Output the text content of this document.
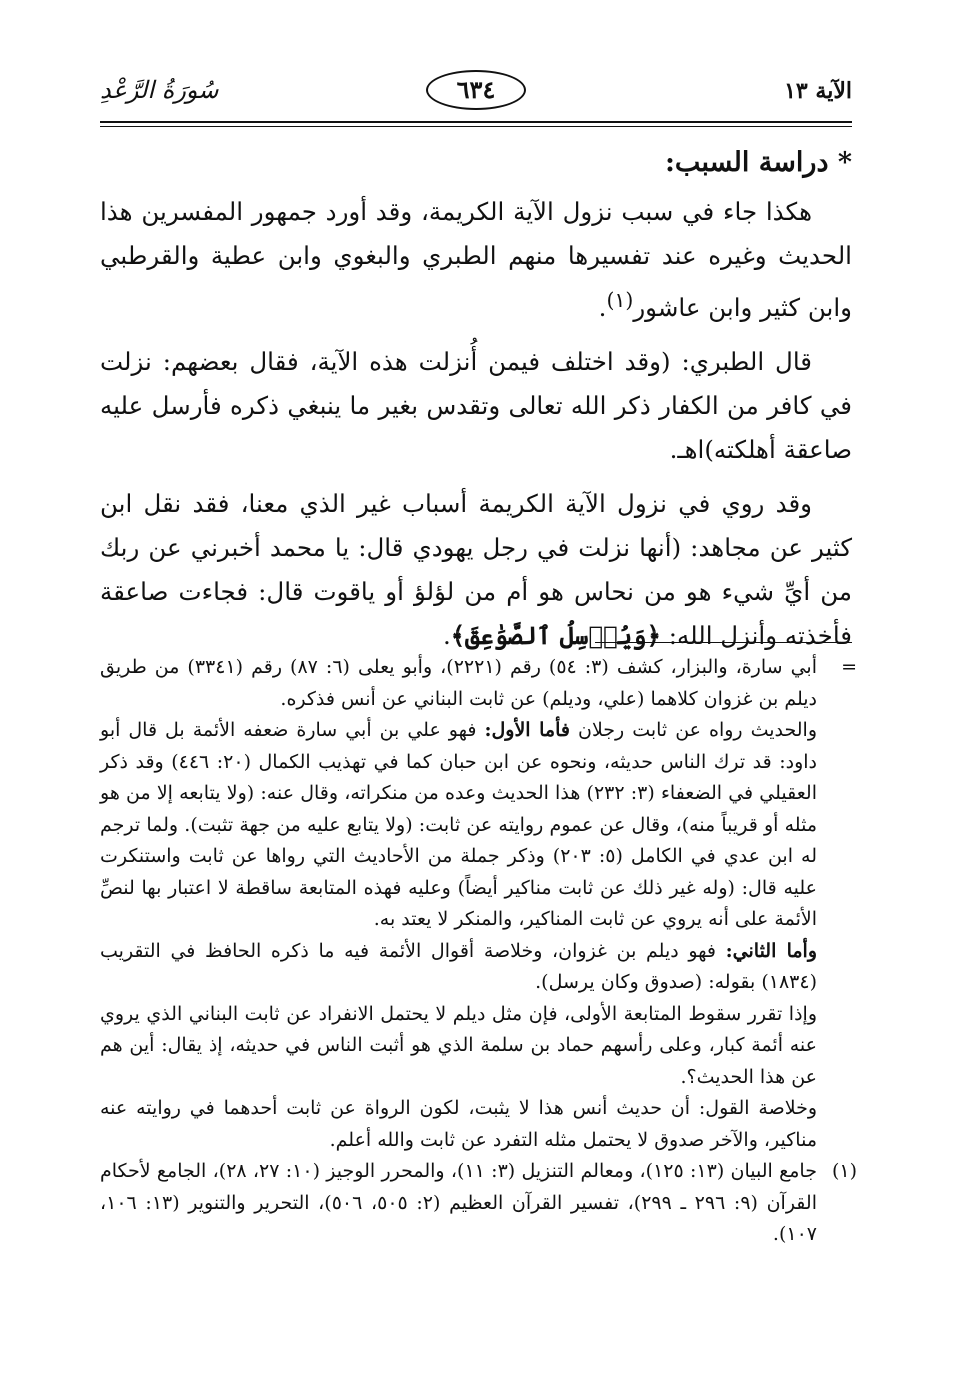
الآية ١٣
٦٣٤
سُورَةُ الرَّعْدِ

* دراسة السبب:

هكذا جاء في سبب نزول الآية الكريمة، وقد أورد جمهور المفسرين هذا الحديث وغيره عند تفسيرها منهم الطبري والبغوي وابن عطية والقرطبي وابن كثير وابن عاشور$^{(١)}$.

قال الطبري: (وقد اختلف فيمن أُنزلت هذه الآية، فقال بعضهم: نزلت في كافر من الكفار ذكر الله تعالى وتقدس بغير ما ينبغي ذكره فأرسل عليه صاعقة أهلكته)اهـ.

وقد روي في نزول الآية الكريمة أسباب غير الذي معنا، فقد نقل ابن كثير عن مجاهد: (أنها نزلت في رجل يهودي قال: يا محمد أخبرني عن ربك من أيِّ شيء هو من نحاس هو أم من لؤلؤ أو ياقوت قال: فجاءت صاعقة فأخذته وأنزل الله: ﴿وَيُرۡسِلُ ٱلصَّوَٰعِقَ﴾.

=

أبي سارة، والبزار، كشف (٣: ٥٤) رقم (٢٢٢١)، وأبو يعلى (٦: ٨٧) رقم (٣٣٤١) من طريق ديلم بن غزوان كلاهما (علي، وديلم) عن ثابت البناني عن أنس فذكره.

والحديث رواه عن ثابت رجلان فأما الأول: فهو علي بن أبي سارة ضعفه الأئمة بل قال أبو داود: قد ترك الناس حديثه، ونحوه عن ابن حبان كما في تهذيب الكمال (٢٠: ٤٤٦) وقد ذكر العقيلي في الضعفاء (٣: ٢٣٢) هذا الحديث وعده من منكراته، وقال عنه: (ولا يتابعه إلا من هو مثله أو قريباً منه)، وقال عن عموم روايته عن ثابت: (ولا يتابع عليه من جهة تثبت). ولما ترجم له ابن عدي في الكامل (٥: ٢٠٣) وذكر جملة من الأحاديث التي رواها عن ثابت واستنكرت عليه قال: (وله غير ذلك عن ثابت مناكير أيضاً) وعليه فهذه المتابعة ساقطة لا اعتبار بها لنصِّ الأئمة على أنه يروي عن ثابت المناكير، والمنكر لا يعتد به.

وأما الثاني: فهو ديلم بن غزوان، وخلاصة أقوال الأئمة فيه ما ذكره الحافظ في التقريب (١٨٣٤) بقوله: (صدوق وكان يرسل).

وإذا تقرر سقوط المتابعة الأولى، فإن مثل ديلم لا يحتمل الانفراد عن ثابت البناني الذي يروي عنه أئمة كبار، وعلى رأسهم حماد بن سلمة الذي هو أثبت الناس في حديثه، إذ يقال: أين هم عن هذا الحديث؟.

وخلاصة القول: أن حديث أنس هذا لا يثبت، لكون الرواة عن ثابت أحدهما في روايته عنه مناكير، والآخر صدوق لا يحتمل مثله التفرد عن ثابت والله أعلم.

(١)

جامع البيان (١٣: ١٢٥)، ومعالم التنزيل (٣: ١١)، والمحرر الوجيز (١٠: ٢٧، ٢٨)، الجامع لأحكام القرآن (٩: ٢٩٦ ـ ٢٩٩)، تفسير القرآن العظيم (٢: ٥٠٥، ٥٠٦)، التحرير والتنوير (١٣: ١٠٦، ١٠٧).
